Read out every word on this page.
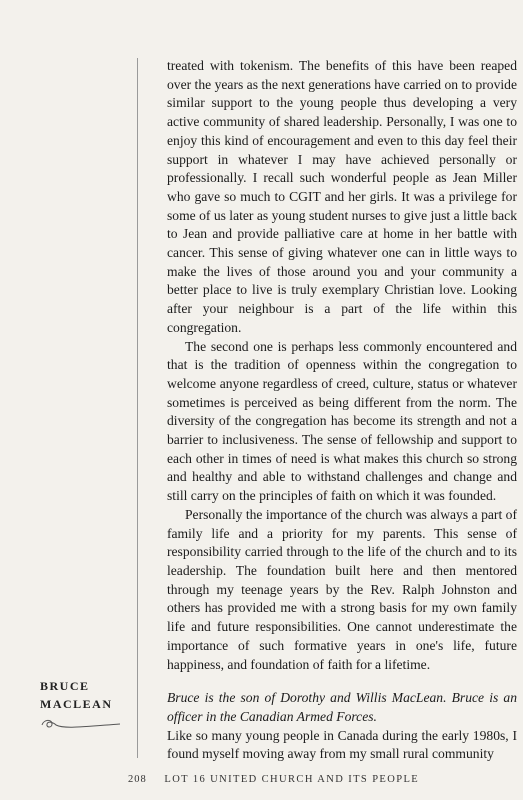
treated with tokenism. The benefits of this have been reaped over the years as the next generations have carried on to provide similar support to the young people thus developing a very active community of shared leadership. Personally, I was one to enjoy this kind of encouragement and even to this day feel their support in whatever I may have achieved personally or professionally. I recall such wonderful people as Jean Miller who gave so much to CGIT and her girls. It was a privilege for some of us later as young student nurses to give just a little back to Jean and provide palliative care at home in her battle with cancer. This sense of giving whatever one can in little ways to make the lives of those around you and your community a better place to live is truly exemplary Christian love. Looking after your neighbour is a part of the life within this congregation.

The second one is perhaps less commonly encountered and that is the tradition of openness within the congregation to welcome anyone regardless of creed, culture, status or whatever sometimes is perceived as being different from the norm. The diversity of the congregation has become its strength and not a barrier to inclusiveness. The sense of fellowship and support to each other in times of need is what makes this church so strong and healthy and able to withstand challenges and change and still carry on the principles of faith on which it was founded.

Personally the importance of the church was always a part of family life and a priority for my parents. This sense of responsibility carried through to the life of the church and to its leadership. The foundation built here and then mentored through my teenage years by the Rev. Ralph Johnston and others has provided me with a strong basis for my own family life and future responsibilities. One cannot underestimate the importance of such formative years in one's life, future happiness, and foundation of faith for a lifetime.

Bruce is the son of Dorothy and Willis MacLean. Bruce is an officer in the Canadian Armed Forces.

Like so many young people in Canada during the early 1980s, I found myself moving away from my small rural community

BRUCE
MACLEAN
208 LOT 16 UNITED CHURCH AND ITS PEOPLE
